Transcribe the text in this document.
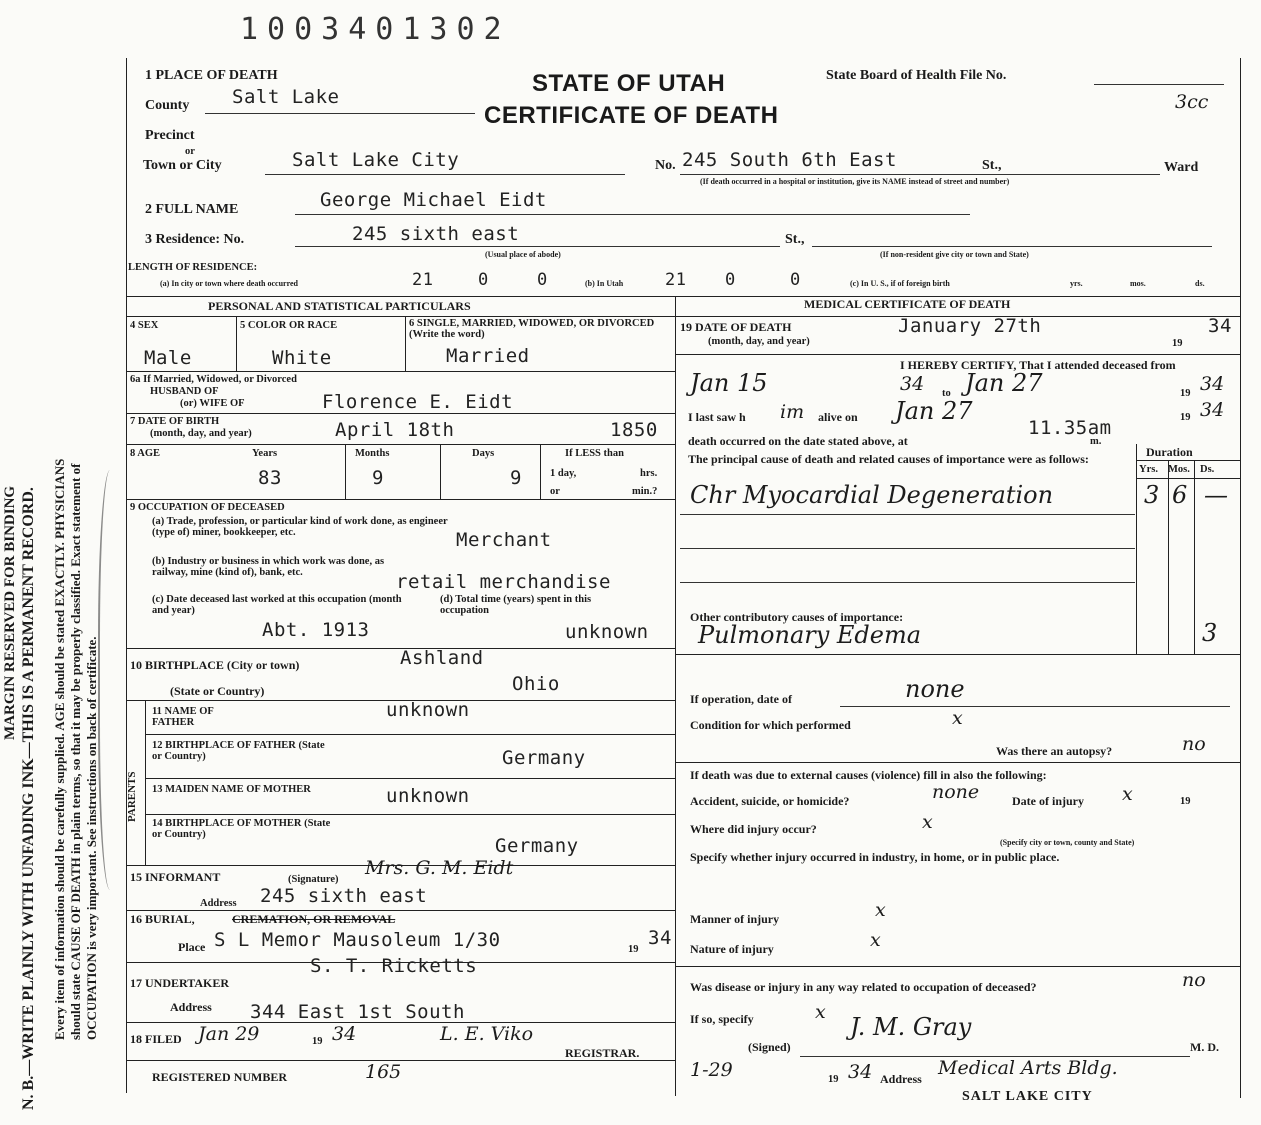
1003401302
MARGIN RESERVED FOR BINDING N. B.—WRITE PLAINLY WITH UNFADING INK—THIS IS A PERMANENT RECORD. Every item of information should be carefully supplied. AGE should be stated EXACTLY. PHYSICIANS should state CAUSE OF DEATH in plain terms, so that it may be properly classified. Exact statement of OCCUPATION is very important. See instructions on back of certificate.
1 PLACE OF DEATH	STATE OF UTAH
CERTIFICATE OF DEATH
State Board of Health File No.
3cc
County Salt Lake
Precinct
or
Town or City	Salt Lake City	No. 245 South 6th East	St.,	Ward
(If death occurred in a hospital or institution, give its NAME instead of street and number)
2 FULL NAME	George Michael Eidt
3 Residence: No.	245 sixth east	St.,
(Usual place of abode)	(If non-resident give city or town and State)
LENGTH OF RESIDENCE:
(a) In city or town where death occurred	21	0	0	(b) In Utah 21 0	0	(c) In U. S., if of foreign birth	yrs.	mos.	ds.
PERSONAL AND STATISTICAL PARTICULARS	MEDICAL CERTIFICATE OF DEATH
4 SEX
Male
5 COLOR OR RACE
White
6 SINGLE, MARRIED, WIDOWED, OR DIVORCED (Write the word)
Married
6a If Married, Widowed, or Divorced
HUSBAND OF
(or) WIFE OF	Florence E. Eidt
7 DATE OF BIRTH
(month, day, and year)	April 18th	1850
8 AGE	Years	Months	Days	If LESS than
1 day,	hrs.
or	min.?
83	9	9
9 OCCUPATION OF DECEASED
(a) Trade, profession, or particular kind of work done, as engineer (type of) miner, bookkeeper, etc.	Merchant
(b) Industry or business in which work was done, as railway, mine (kind of), bank, etc.	retail merchandise
(c) Date deceased last worked at this occupation (month and year)
Abt. 1913
(d) Total time (years) spent in this occupation
unknown
10 BIRTHPLACE (City or town)	Ashland
(State or Country)	Ohio
PARENTS
11 NAME OF FATHER
unknown
12 BIRTHPLACE OF FATHER (State or Country)	Germany
13 MAIDEN NAME OF MOTHER	unknown
14 BIRTHPLACE OF MOTHER (State or Country)
Germany
15 INFORMANT	(Signature)
Mrs. G. M. Eidt
Address 245 sixth east
16 BURIAL,	CREMATION, OR REMOVAL
Place S L Memor Mausoleum 1/30	19
34
S. T. Ricketts
17 UNDERTAKER
Address 344 East 1st South
18 FILED Jan 29	19 34	L. E. Viko
REGISTRAR.
REGISTERED NUMBER	165
19 DATE OF DEATH
(month, day, and year)
January 27th
19
34
I HEREBY CERTIFY, That I attended deceased from
Jan 15	34 to Jan 27	19 34
I last saw h im alive on Jan 27	19 34
death occurred on the date stated above, at
11.35am
m.
The principal cause of death and related causes of importance were as follows:	Duration
Yrs. Mos. Ds.
Chr Myocardial Degeneration	3 6 —
Other contributory causes of importance:
Pulmonary Edema	3
If operation, date of	none
Condition for which performed	x
Was there an autopsy?	no
If death was due to external causes (violence) fill in also the following:
Accident, suicide, or homicide?	none	Date of injury x	19
Where did injury occur?	x
(Specify city or town, county and State)
Specify whether injury occurred in industry, in home, or in public place.
Manner of injury	x
Nature of injury	x
Was disease or injury in any way related to occupation of deceased?	no
If so, specify	x
(Signed)
J. M. Gray
M. D.
1-29	19 34 Address Medical Arts Bldg.
SALT LAKE CITY
